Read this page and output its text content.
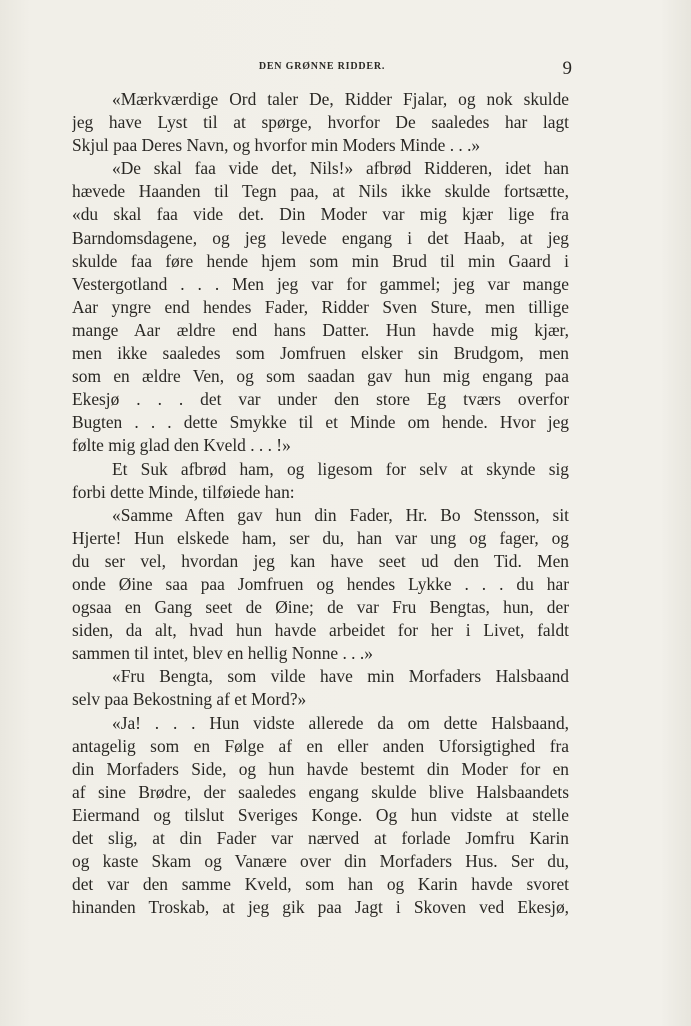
DEN GRØNNE RIDDER.	9
«Mærkværdige Ord taler De, Ridder Fjalar, og nok skulde
jeg have Lyst til at spørge, hvorfor De saaledes har lagt
Skjul paa Deres Navn, og hvorfor min Moders Minde . . .»
«De skal faa vide det, Nils!» afbrød Ridderen, idet han
hævede Haanden til Tegn paa, at Nils ikke skulde fortsætte,
«du skal faa vide det. Din Moder var mig kjær lige fra
Barndomsdagene, og jeg levede engang i det Haab, at jeg
skulde faa føre hende hjem som min Brud til min Gaard i
Vestergotland . . . Men jeg var for gammel; jeg var mange
Aar yngre end hendes Fader, Ridder Sven Sture, men tillige
mange Aar ældre end hans Datter. Hun havde mig kjær,
men ikke saaledes som Jomfruen elsker sin Brudgom, men
som en ældre Ven, og som saadan gav hun mig engang paa
Ekesjø . . . det var under den store Eg tværs overfor
Bugten . . . dette Smykke til et Minde om hende. Hvor jeg
følte mig glad den Kveld . . . !»
Et Suk afbrød ham, og ligesom for selv at skynde sig
forbi dette Minde, tilføiede han:
«Samme Aften gav hun din Fader, Hr. Bo Stensson, sit
Hjerte! Hun elskede ham, ser du, han var ung og fager, og
du ser vel, hvordan jeg kan have seet ud den Tid. Men
onde Øine saa paa Jomfruen og hendes Lykke . . . du har
ogsaa en Gang seet de Øine; de var Fru Bengtas, hun, der
siden, da alt, hvad hun havde arbeidet for her i Livet, faldt
sammen til intet, blev en hellig Nonne . . .»
«Fru Bengta, som vilde have min Morfaders Halsbaand
selv paa Bekostning af et Mord?»
«Ja! . . . Hun vidste allerede da om dette Halsbaand,
antagelig som en Følge af en eller anden Uforsigtighed fra
din Morfaders Side, og hun havde bestemt din Moder for en
af sine Brødre, der saaledes engang skulde blive Halsbaandets
Eiermand og tilslut Sveriges Konge. Og hun vidste at stelle
det slig, at din Fader var nærved at forlade Jomfru Karin
og kaste Skam og Vanære over din Morfaders Hus. Ser du,
det var den samme Kveld, som han og Karin havde svoret
hinanden Troskab, at jeg gik paa Jagt i Skoven ved Ekesjø,
